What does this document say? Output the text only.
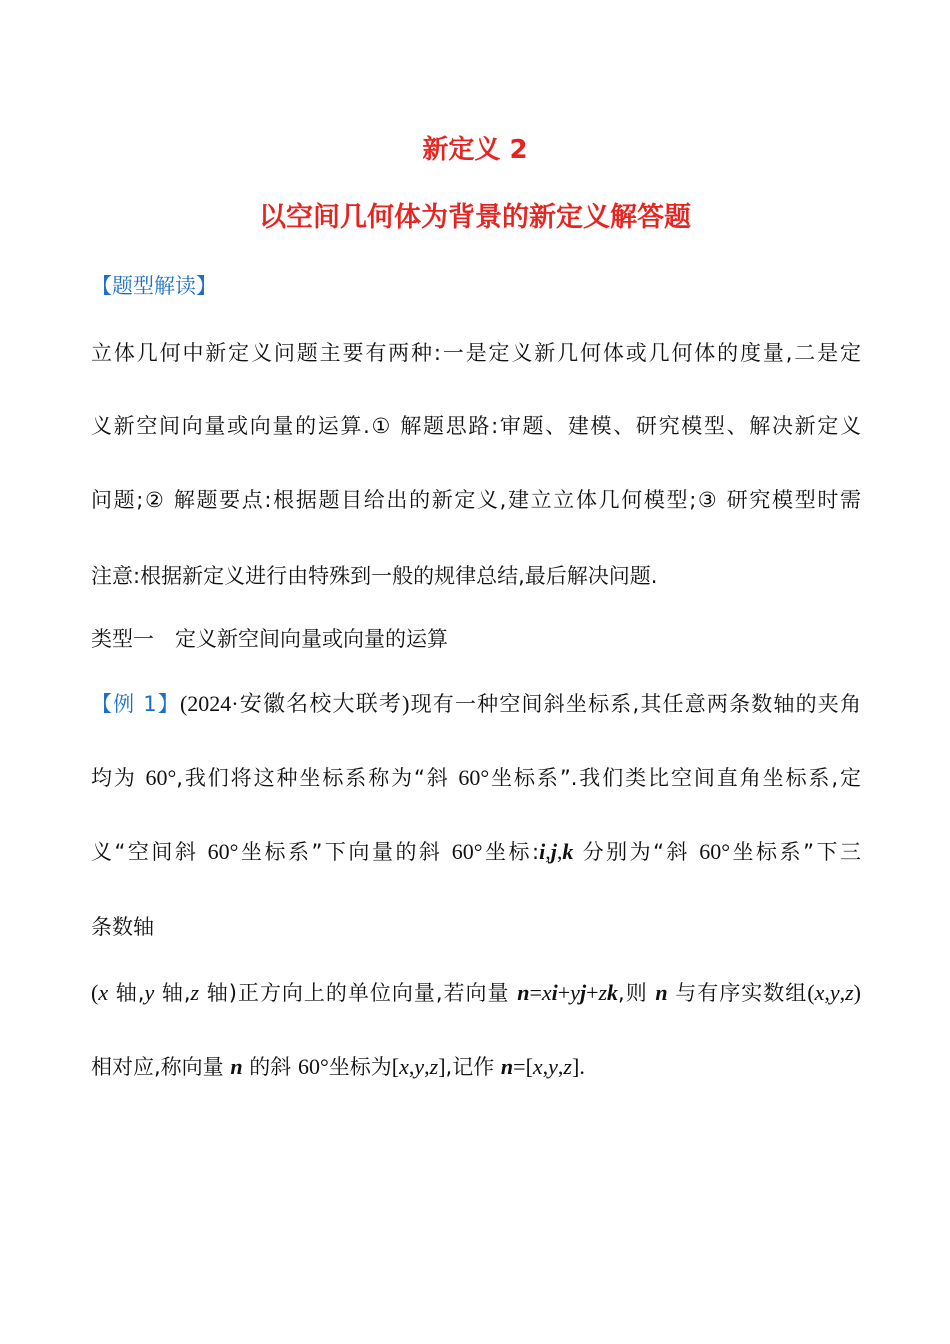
新定义 2
以空间几何体为背景的新定义解答题
【题型解读】
立体几何中新定义问题主要有两种:一是定义新几何体或几何体的度量,二是定
义新空间向量或向量的运算.① 解题思路:审题、建模、研究模型、解决新定义
问题;② 解题要点:根据题目给出的新定义,建立立体几何模型;③ 研究模型时需
注意:根据新定义进行由特殊到一般的规律总结,最后解决问题.
类型一　定义新空间向量或向量的运算
【例 1】(2024·安徽名校大联考)现有一种空间斜坐标系,其任意两条数轴的夹角
均为 60°,我们将这种坐标系称为“斜 60°坐标系”.我们类比空间直角坐标系,定
义“空间斜 60°坐标系”下向量的斜 60°坐标:i,j,k 分别为“斜 60°坐标系”下三
条数轴
(x 轴,y 轴,z 轴)正方向上的单位向量,若向量 n=xi+yj+zk,则 n 与有序实数组(x,y,z)
相对应,称向量 n 的斜 60°坐标为[x,y,z],记作 n=[x,y,z].
